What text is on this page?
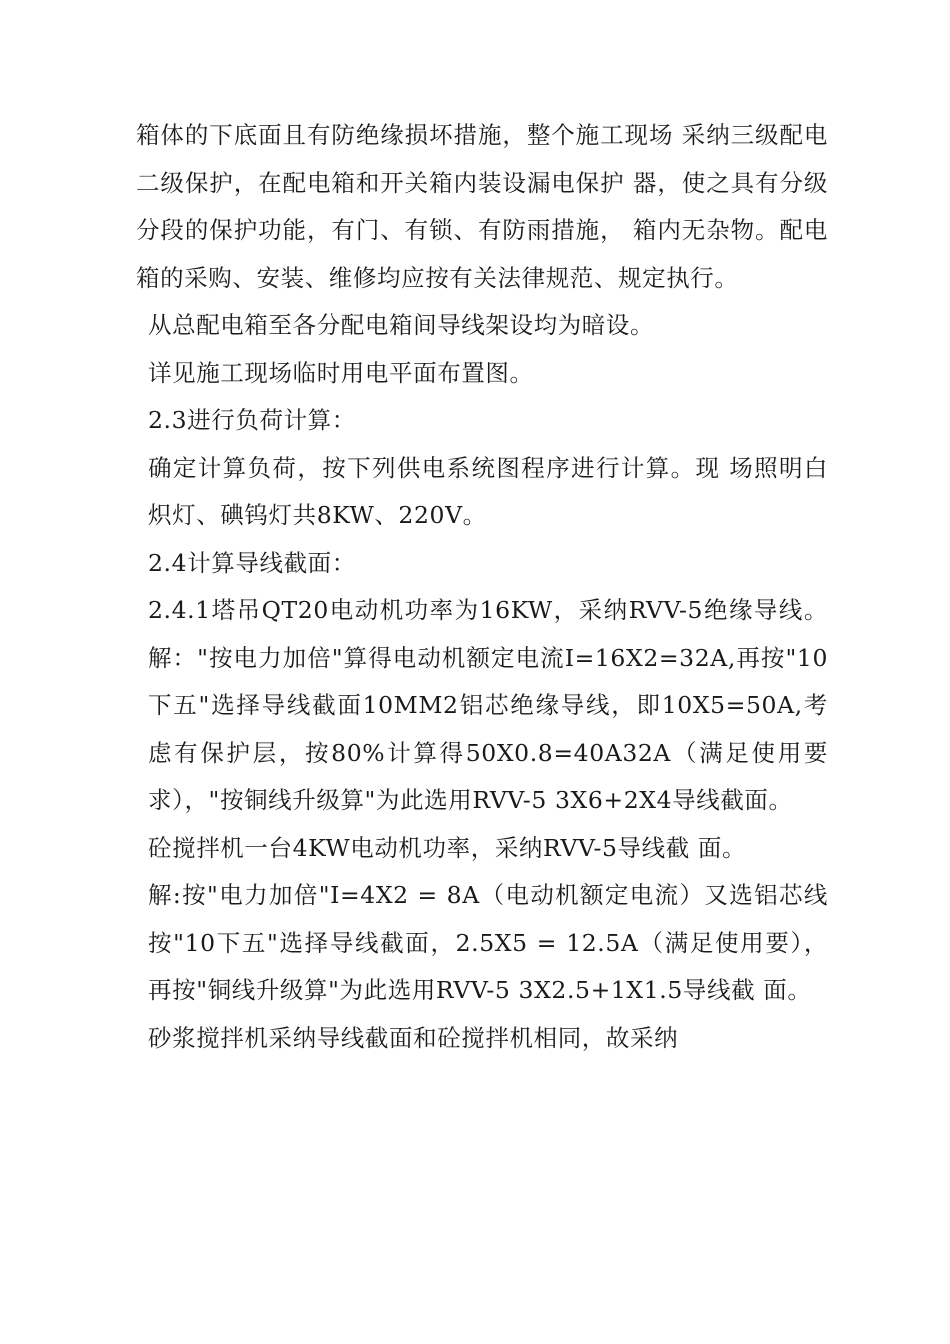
箱体的下底面且有防绝缘损坏措施，整个施工现场 采纳三级配电二级保护，在配电箱和开关箱内装设漏电保护 器，使之具有分级分段的保护功能，有门、有锁、有防雨措施， 箱内无杂物。配电箱的采购、安装、维修均应按有关法律规范、规定执行。

从总配电箱至各分配电箱间导线架设均为暗设。

详见施工现场临时用电平面布置图。

2.3进行负荷计算：

确定计算负荷，按下列供电系统图程序进行计算。现 场照明白炽灯、碘钨灯共8KW、220V。

2.4计算导线截面：

2.4.1塔吊QT20电动机功率为16KW，采纳RVV-5绝缘导线。解："按电力加倍"算得电动机额定电流I=16X2=32A,再按"10下五"选择导线截面10MM2铝芯绝缘导线，即10X5=50A,考虑有保护层，按80%计算得50X0.8=40A32A（满足使用要求），"按铜线升级算"为此选用RVV-5 3X6+2X4导线截面。

砼搅拌机一台4KW电动机功率，采纳RVV-5导线截 面。

解:按"电力加倍"I=4X2 = 8A（电动机额定电流）又选铝芯线按"10下五"选择导线截面，2.5X5 = 12.5A（满足使用要）， 再按"铜线升级算"为此选用RVV-5 3X2.5+1X1.5导线截 面。

砂浆搅拌机采纳导线截面和砼搅拌机相同，故采纳
